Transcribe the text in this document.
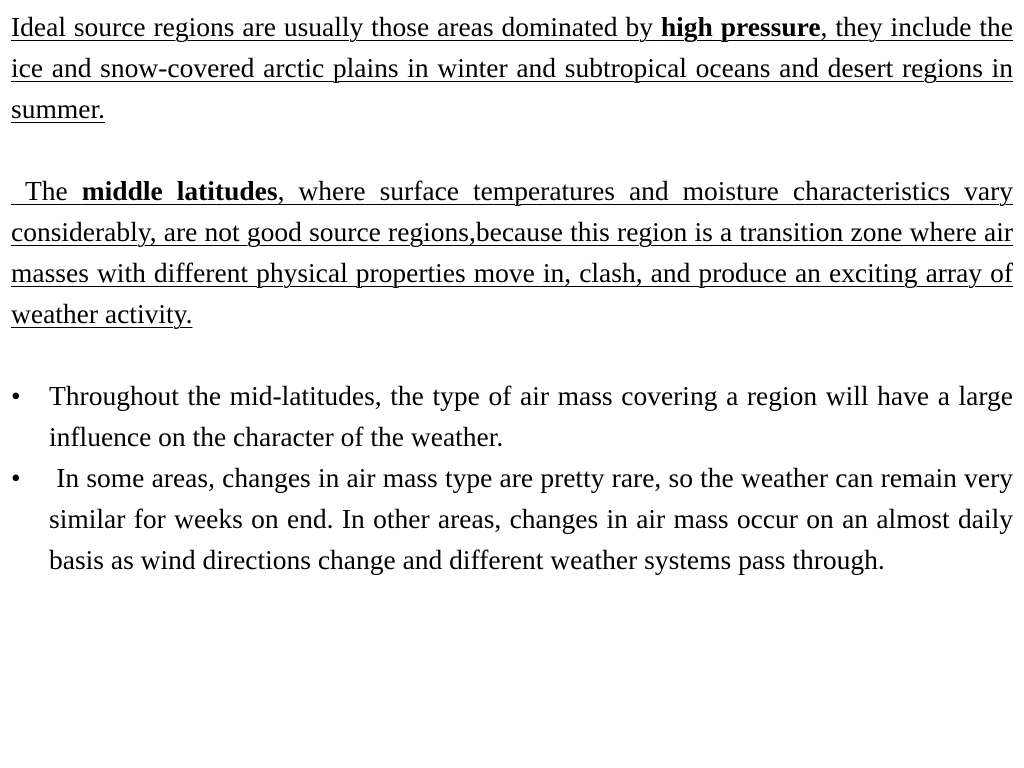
Ideal source regions are usually those areas dominated by high pressure, they include the ice and snow-covered arctic plains in winter and subtropical oceans and desert regions in summer.

The middle latitudes, where surface temperatures and moisture characteristics vary considerably, are not good source regions,because this region is a transition zone where air masses with different physical properties move in, clash, and produce an exciting array of weather activity.

•	Throughout the mid-latitudes, the type of air mass covering a region will have a large influence on the character of the weather.
•	In some areas, changes in air mass type are pretty rare, so the weather can remain very similar for weeks on end. In other areas, changes in air mass occur on an almost daily basis as wind directions change and different weather systems pass through.
